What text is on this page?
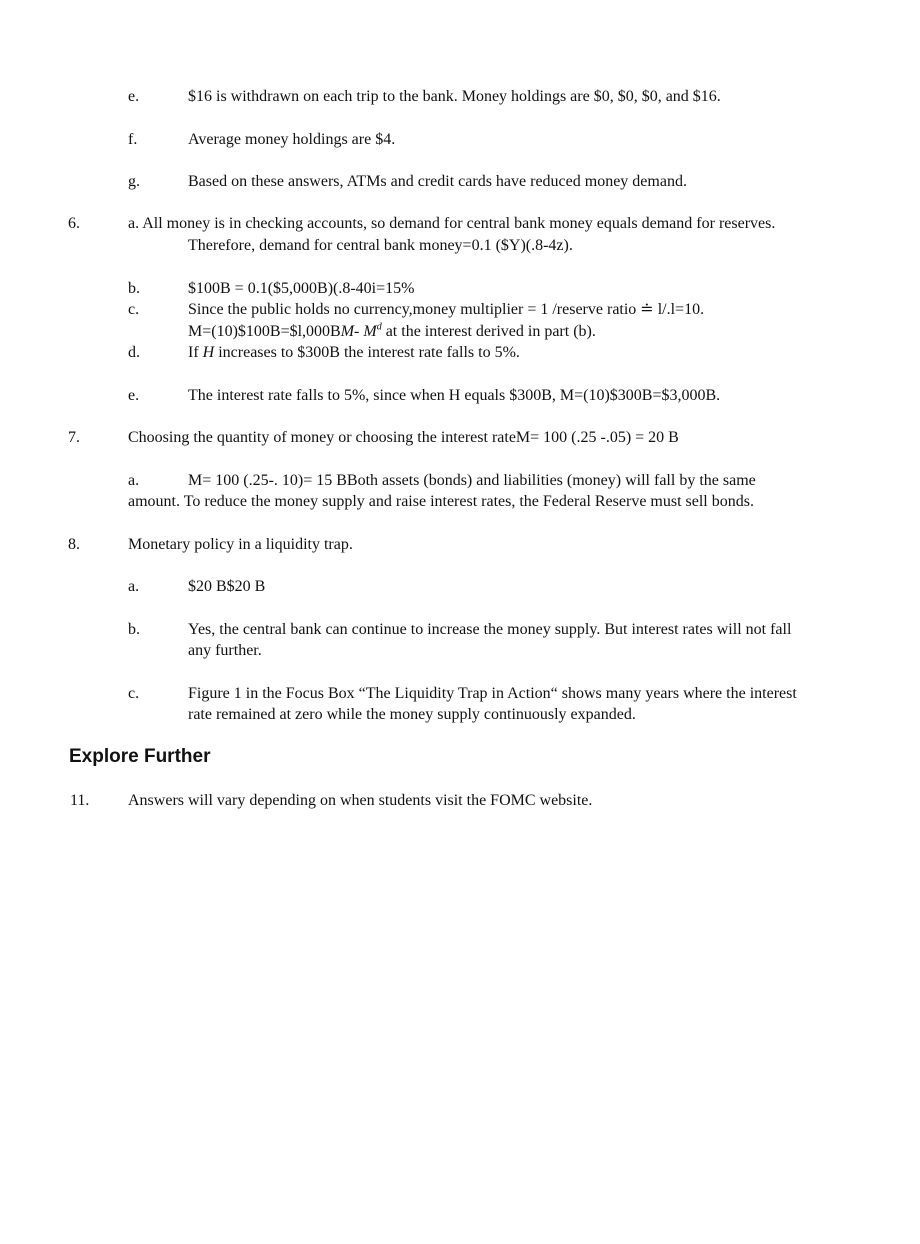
e.	$16 is withdrawn on each trip to the bank. Money holdings are $0, $0, $0, and $16.
f.	Average money holdings are $4.
g.	Based on these answers, ATMs and credit cards have reduced money demand.
6.	a. All money is in checking accounts, so demand for central bank money equals demand for reserves.
Therefore, demand for central bank money=0.1 ($Y)(.8-4z).
b.	$100B = 0.1($5,000B)(.8-40i=15%
c.	Since the public holds no currency,money multiplier = 1 /reserve ratio ≐ l/.l=10.
M=(10)$100B=$l,000BM- $M^d$ at the interest derived in part (b).
d.	If H increases to $300B the interest rate falls to 5%.
e.	The interest rate falls to 5%, since when H equals $300B, M=(10)$300B=$3,000B.
7.	Choosing the quantity of money or choosing the interest rateM= 100 (.25 -.05) = 20 B
a.	M= 100 (.25-. 10)= 15 BBoth assets (bonds) and liabilities (money) will fall by the same
amount. To reduce the money supply and raise interest rates, the Federal Reserve must sell bonds.
8.	Monetary policy in a liquidity trap.
a.	$20 B$20 B
b.	Yes, the central bank can continue to increase the money supply. But interest rates will not fall
any further.
c.	Figure 1 in the Focus Box “The Liquidity Trap in Action“ shows many years where the interest
rate remained at zero while the money supply continuously expanded.
Explore Further
11. Answers will vary depending on when students visit the FOMC website.
